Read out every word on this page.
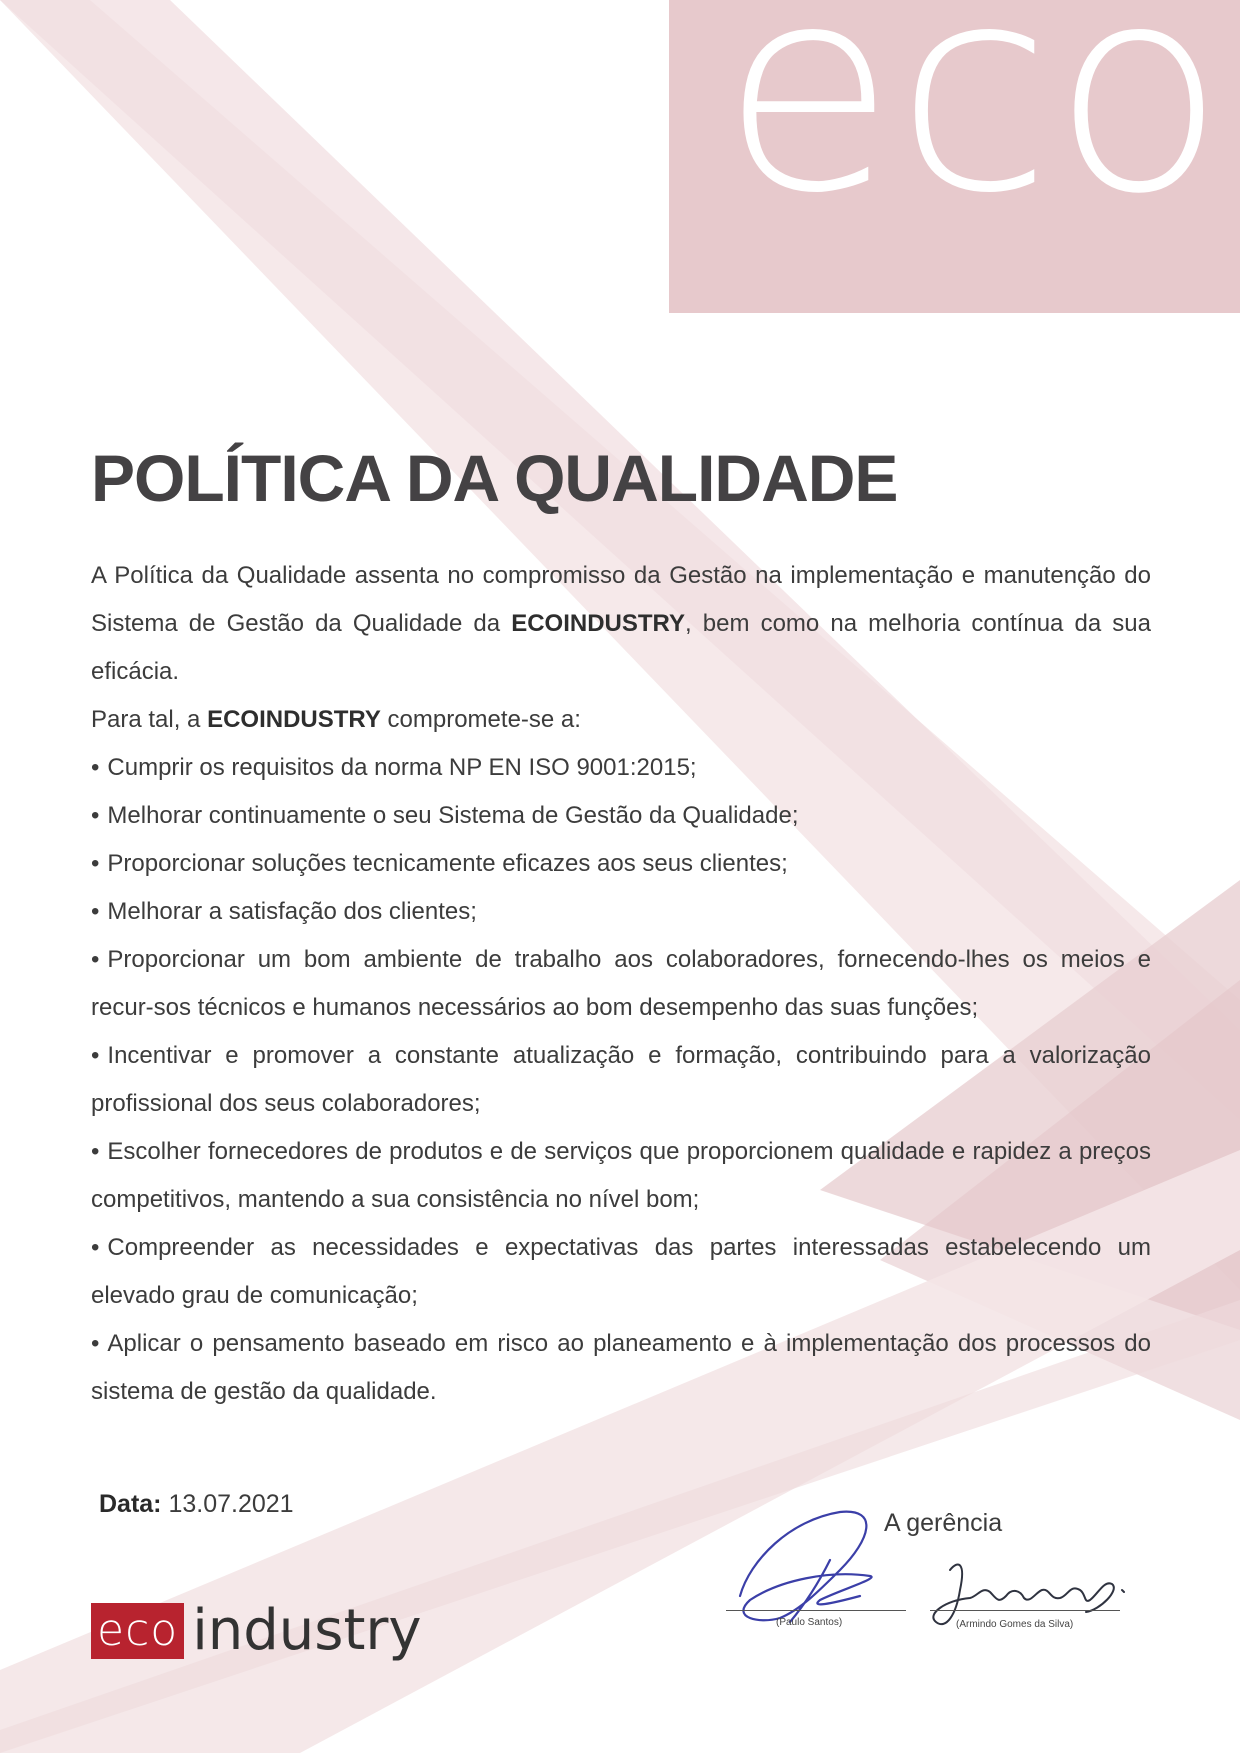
eco
POLÍTICA DA QUALIDADE

A Política da Qualidade assenta no compromisso da Gestão na implementação e manutenção do Sistema de Gestão da Qualidade da ECOINDUSTRY, bem como na melhoria contínua da sua eficácia.

Para tal, a ECOINDUSTRY compromete-se a:

• Cumprir os requisitos da norma NP EN ISO 9001:2015;
• Melhorar continuamente o seu Sistema de Gestão da Qualidade;
• Proporcionar soluções tecnicamente eficazes aos seus clientes;
• Melhorar a satisfação dos clientes;
• Proporcionar um bom ambiente de trabalho aos colaboradores, fornecendo-lhes os meios e recur-sos técnicos e humanos necessários ao bom desempenho das suas funções;
• Incentivar e promover a constante atualização e formação, contribuindo para a valorização profissional dos seus colaboradores;
• Escolher fornecedores de produtos e de serviços que proporcionem qualidade e rapidez a preços competitivos, mantendo a sua consistência no nível bom;
• Compreender as necessidades e expectativas das partes interessadas estabelecendo um elevado grau de comunicação;
• Aplicar o pensamento baseado em risco ao planeamento e à implementação dos processos do sistema de gestão da qualidade.
Data: 13.07.2021
A gerência
(Paulo Santos)	(Armindo Gomes da Silva)
eco industry
